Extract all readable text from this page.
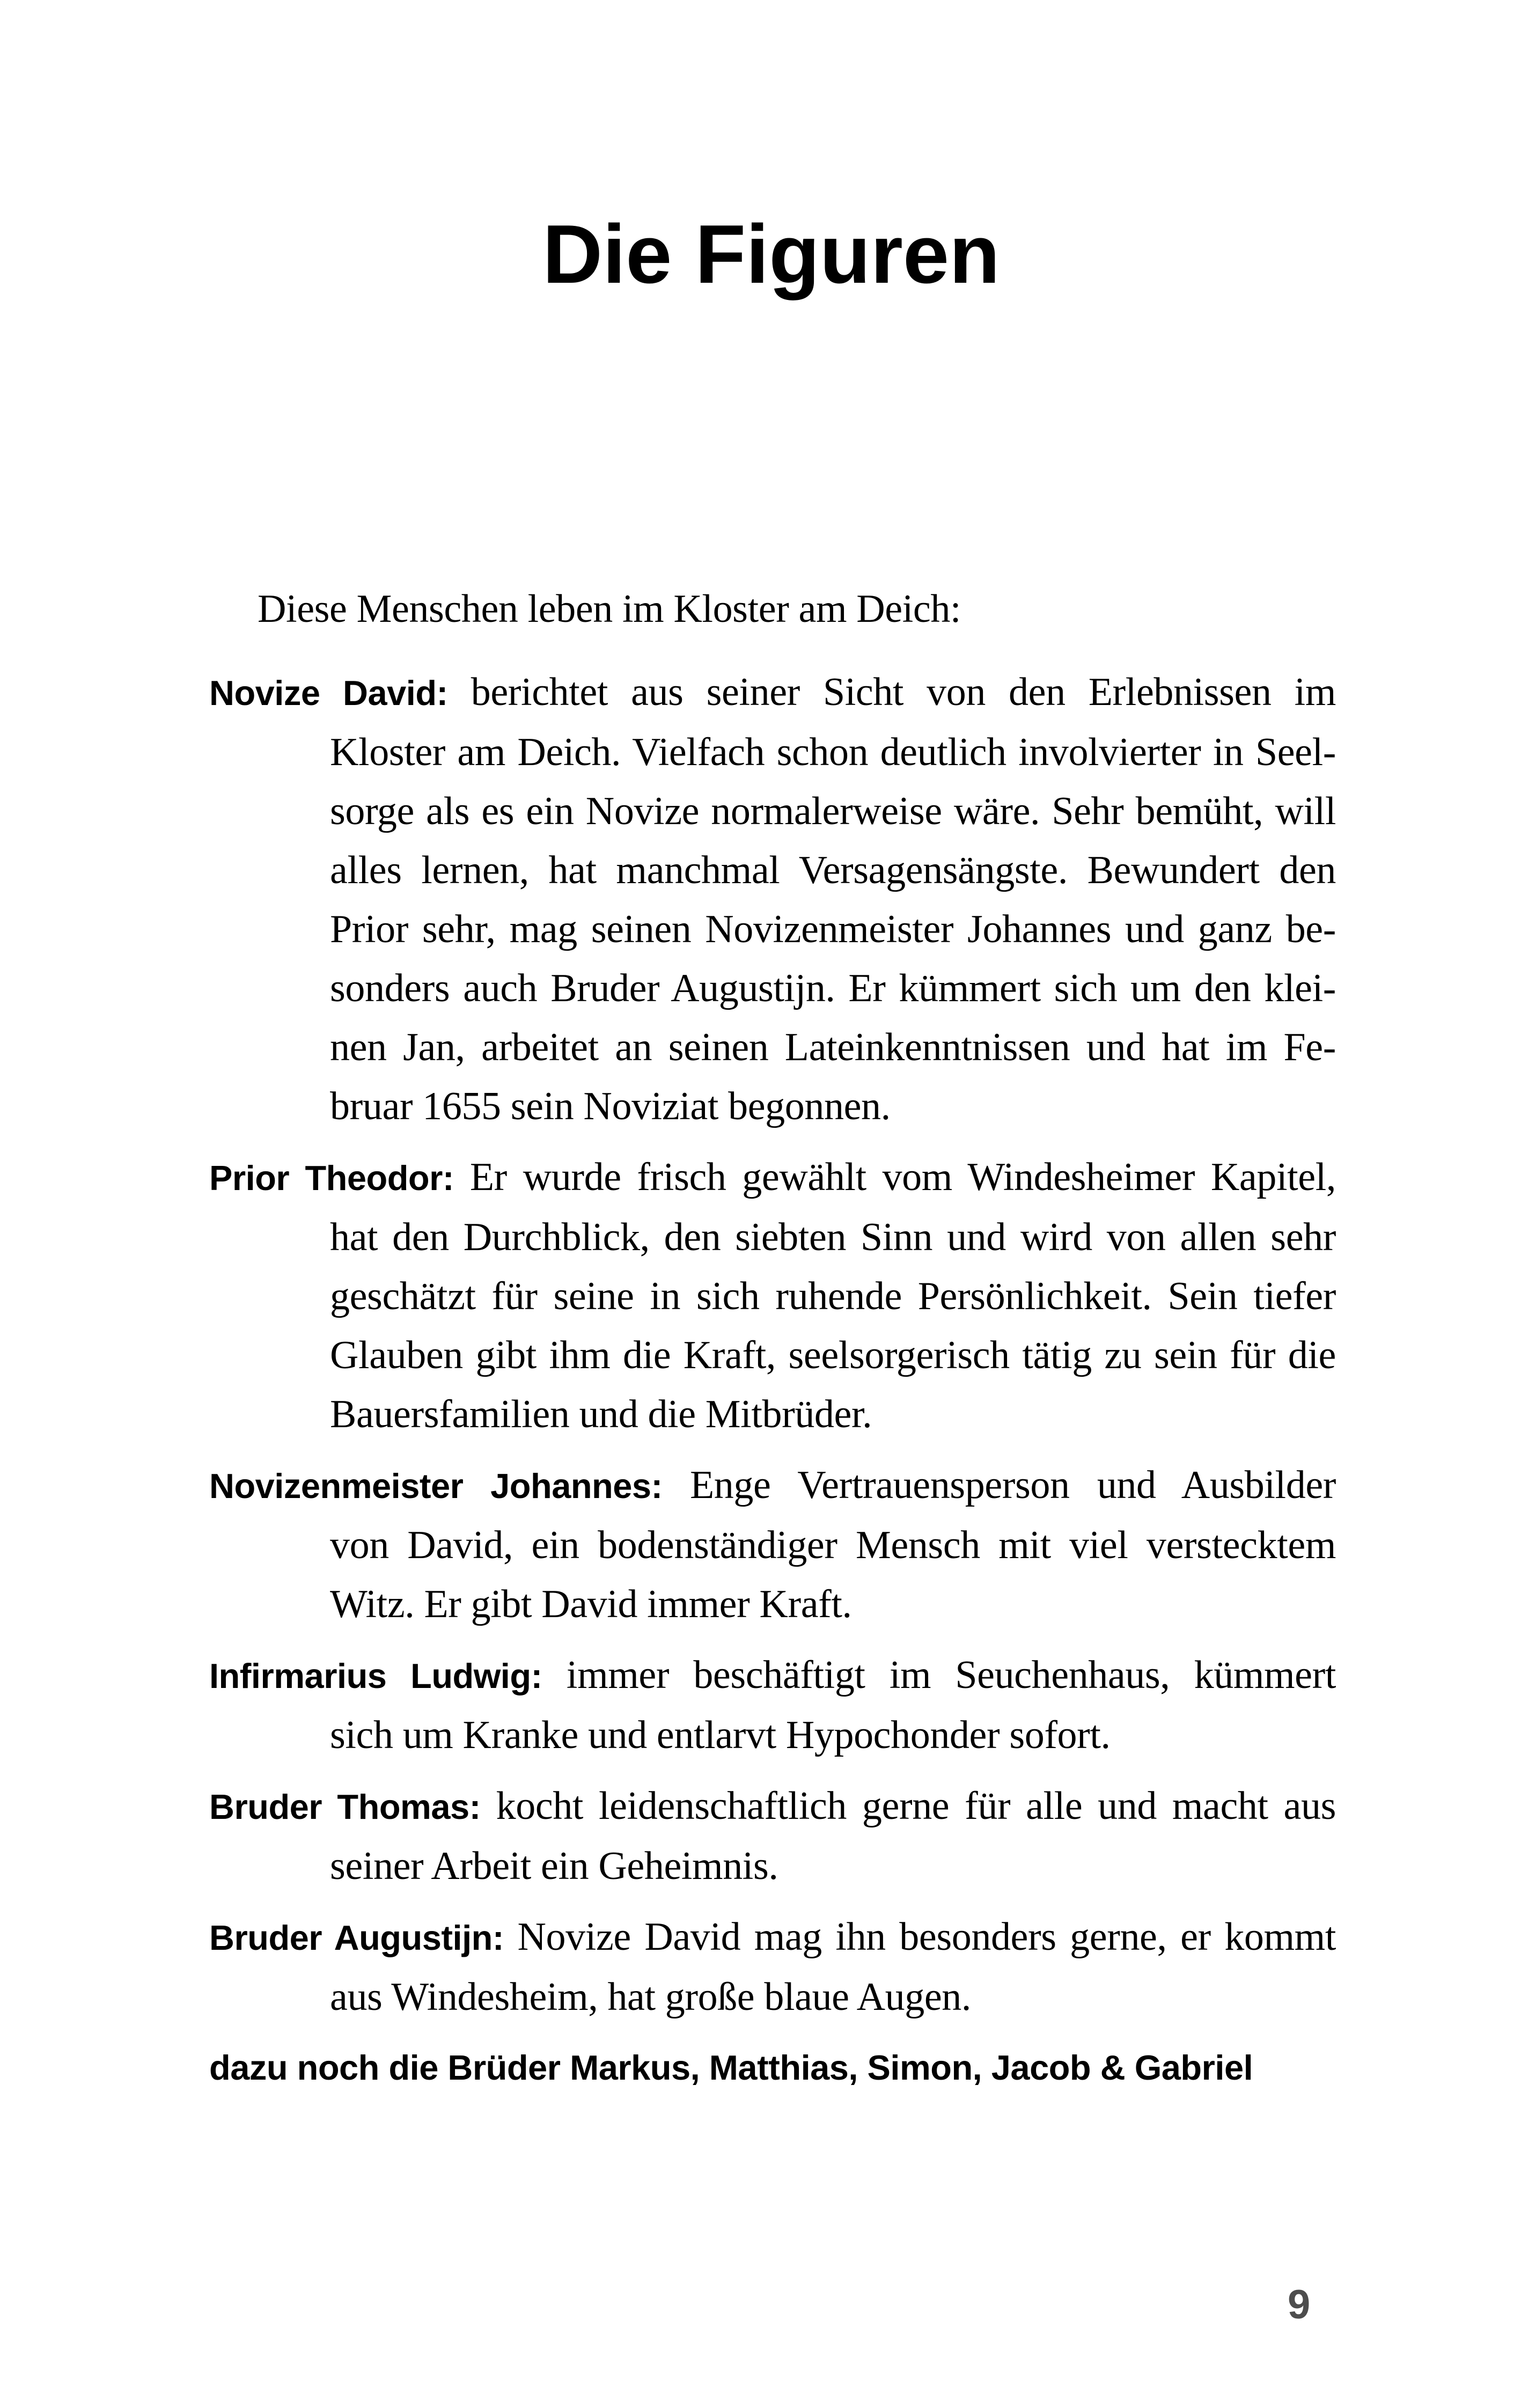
Die Figuren

Diese Menschen leben im Kloster am Deich:

Novize David: berichtet aus seiner Sicht von den Erlebnissen im
Kloster am Deich. Vielfach schon deutlich involvierter in Seel-
sorge als es ein Novize normalerweise wäre. Sehr bemüht, will
alles lernen, hat manchmal Versagensängste. Bewundert den
Prior sehr, mag seinen Novizenmeister Johannes und ganz be-
sonders auch Bruder Augustijn. Er kümmert sich um den klei-
nen Jan, arbeitet an seinen Lateinkenntnissen und hat im Fe-
bruar 1655 sein Noviziat begonnen.
Prior Theodor: Er wurde frisch gewählt vom Windesheimer Kapitel,
hat den Durchblick, den siebten Sinn und wird von allen sehr
geschätzt für seine in sich ruhende Persönlichkeit. Sein tiefer
Glauben gibt ihm die Kraft, seelsorgerisch tätig zu sein für die
Bauersfamilien und die Mitbrüder.
Novizenmeister Johannes: Enge Vertrauensperson und Ausbilder
von David, ein bodenständiger Mensch mit viel verstecktem
Witz. Er gibt David immer Kraft.
Infirmarius Ludwig: immer beschäftigt im Seuchenhaus, kümmert
sich um Kranke und entlarvt Hypochonder sofort.
Bruder Thomas: kocht leidenschaftlich gerne für alle und macht aus
seiner Arbeit ein Geheimnis.
Bruder Augustijn: Novize David mag ihn besonders gerne, er kommt
aus Windesheim, hat große blaue Augen.

dazu noch die Brüder Markus, Matthias, Simon, Jacob & Gabriel

9
